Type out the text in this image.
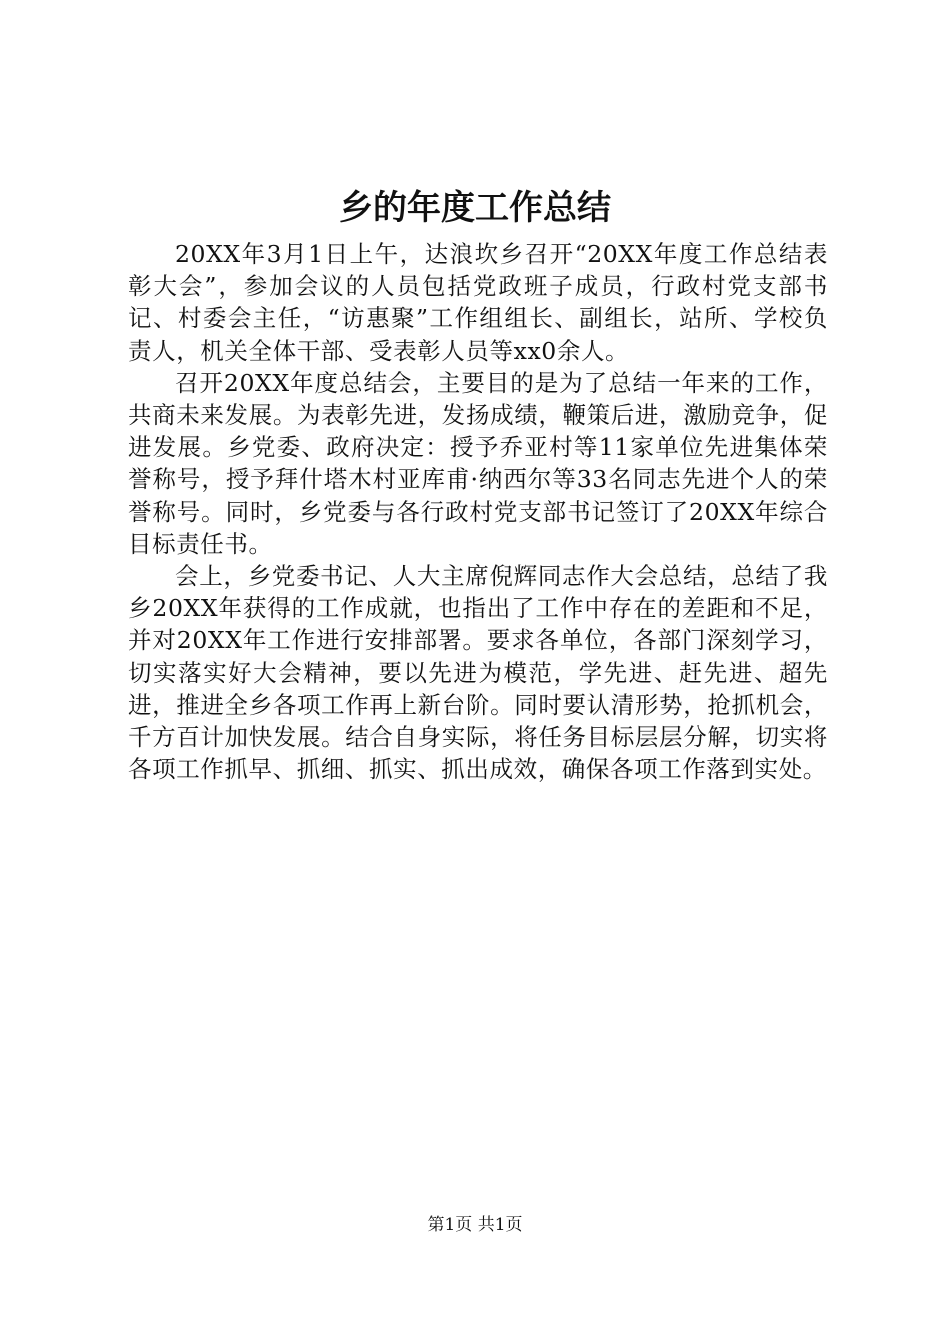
乡的年度工作总结

20XX年3月1日上午，达浪坎乡召开“20XX年度工作总结表彰大会”，参加会议的人员包括党政班子成员，行政村党支部书记、村委会主任，“访惠聚”工作组组长、副组长，站所、学校负责人，机关全体干部、受表彰人员等xx0余人。

召开20XX年度总结会，主要目的是为了总结一年来的工作，共商未来发展。为表彰先进，发扬成绩，鞭策后进，激励竞争，促进发展。乡党委、政府决定：授予乔亚村等11家单位先进集体荣誉称号，授予拜什塔木村亚库甫·纳西尔等33名同志先进个人的荣誉称号。同时，乡党委与各行政村党支部书记签订了20XX年综合目标责任书。

会上，乡党委书记、人大主席倪辉同志作大会总结，总结了我乡20XX年获得的工作成就，也指出了工作中存在的差距和不足，并对20XX年工作进行安排部署。要求各单位，各部门深刻学习，切实落实好大会精神，要以先进为模范，学先进、赶先进、超先进，推进全乡各项工作再上新台阶。同时要认清形势，抢抓机会，千方百计加快发展。结合自身实际，将任务目标层层分解，切实将各项工作抓早、抓细、抓实、抓出成效，确保各项工作落到实处。

第1页 共1页
